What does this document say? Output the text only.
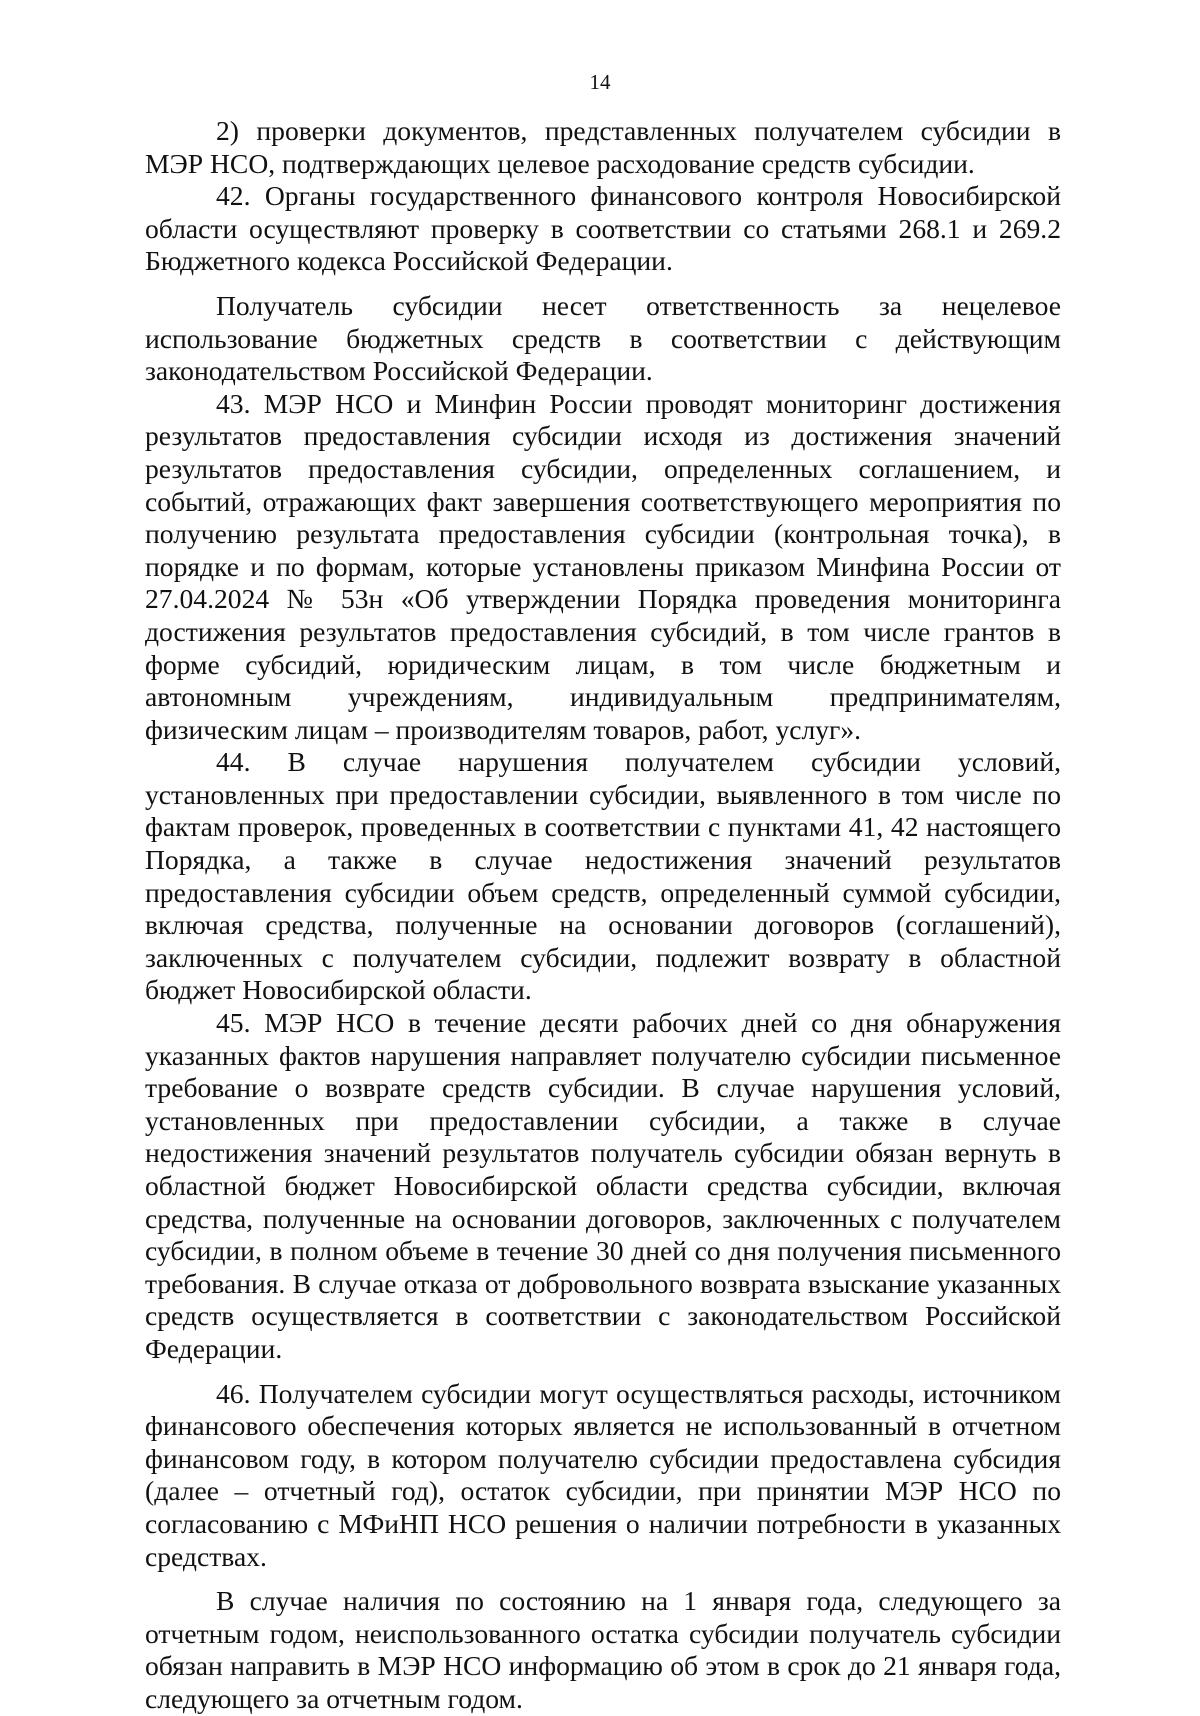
14

2) проверки документов, представленных получателем субсидии в МЭР НСО, подтверждающих целевое расходование средств субсидии.

42. Органы государственного финансового контроля Новосибирской области осуществляют проверку в соответствии со статьями 268.1 и 269.2 Бюджетного кодекса Российской Федерации.

Получатель субсидии несет ответственность за нецелевое использование бюджетных средств в соответствии с действующим законодательством Российской Федерации.

43. МЭР НСО и Минфин России проводят мониторинг достижения результатов предоставления субсидии исходя из достижения значений результатов предоставления субсидии, определенных соглашением, и событий, отражающих факт завершения соответствующего мероприятия по получению результата предоставления субсидии (контрольная точка), в порядке и по формам, которые установлены приказом Минфина России от 27.04.2024 № 53н «Об утверждении Порядка проведения мониторинга достижения результатов предоставления субсидий, в том числе грантов в форме субсидий, юридическим лицам, в том числе бюджетным и автономным учреждениям, индивидуальным предпринимателям, физическим лицам – производителям товаров, работ, услуг».

44. В случае нарушения получателем субсидии условий, установленных при предоставлении субсидии, выявленного в том числе по фактам проверок, проведенных в соответствии с пунктами 41, 42 настоящего Порядка, а также в случае недостижения значений результатов предоставления субсидии объем средств, определенный суммой субсидии, включая средства, полученные на основании договоров (соглашений), заключенных с получателем субсидии, подлежит возврату в областной бюджет Новосибирской области.

45. МЭР НСО в течение десяти рабочих дней со дня обнаружения указанных фактов нарушения направляет получателю субсидии письменное требование о возврате средств субсидии. В случае нарушения условий, установленных при предоставлении субсидии, а также в случае недостижения значений результатов получатель субсидии обязан вернуть в областной бюджет Новосибирской области средства субсидии, включая средства, полученные на основании договоров, заключенных с получателем субсидии, в полном объеме в течение 30 дней со дня получения письменного требования. В случае отказа от добровольного возврата взыскание указанных средств осуществляется в соответствии с законодательством Российской Федерации.

46. Получателем субсидии могут осуществляться расходы, источником финансового обеспечения которых является не использованный в отчетном финансовом году, в котором получателю субсидии предоставлена субсидия (далее – отчетный год), остаток субсидии, при принятии МЭР НСО по согласованию с МФиНП НСО решения о наличии потребности в указанных средствах.

В случае наличия по состоянию на 1 января года, следующего за отчетным годом, неиспользованного остатка субсидии получатель субсидии обязан направить в МЭР НСО информацию об этом в срок до 21 января года, следующего за отчетным годом.
